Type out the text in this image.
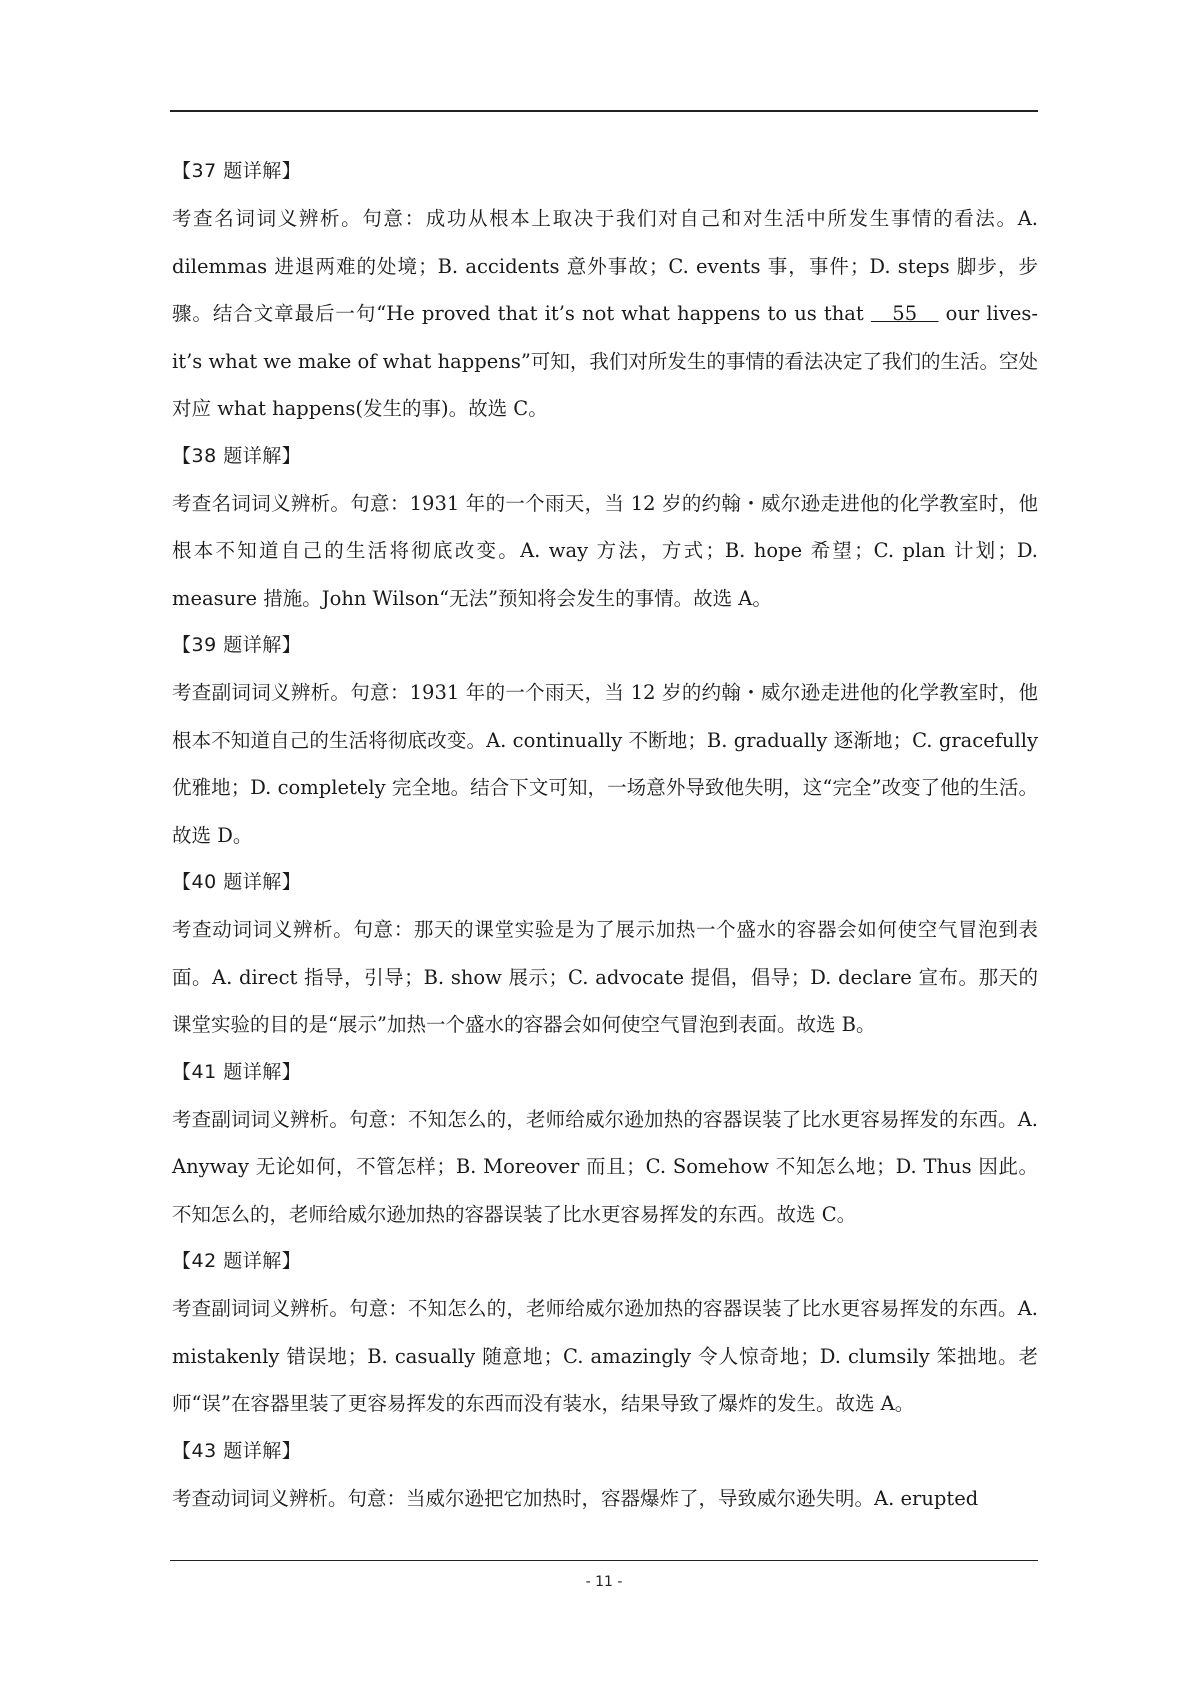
【37 题详解】

考查名词词义辨析。句意：成功从根本上取决于我们对自己和对生活中所发生事情的看法。A. dilemmas 进退两难的处境；B. accidents 意外事故；C. events 事，事件；D. steps 脚步，步骤。结合文章最后一句“He proved that it’s not what happens to us that    55    our lives-it’s what we make of what happens”可知，我们对所发生的事情的看法决定了我们的生活。空处对应 what happens(发生的事)。故选 C。

【38 题详解】

考查名词词义辨析。句意：1931 年的一个雨天，当 12 岁的约翰・威尔逊走进他的化学教室时，他根本不知道自己的生活将彻底改变。A. way 方法，方式；B. hope 希望；C. plan 计划；D. measure 措施。John Wilson“无法”预知将会发生的事情。故选 A。

【39 题详解】

考查副词词义辨析。句意：1931 年的一个雨天，当 12 岁的约翰・威尔逊走进他的化学教室时，他根本不知道自己的生活将彻底改变。A. continually 不断地；B. gradually 逐渐地；C. gracefully 优雅地；D. completely 完全地。结合下文可知，一场意外导致他失明，这“完全”改变了他的生活。故选 D。

【40 题详解】

考查动词词义辨析。句意：那天的课堂实验是为了展示加热一个盛水的容器会如何使空气冒泡到表面。A. direct 指导，引导；B. show 展示；C. advocate 提倡，倡导；D. declare 宣布。那天的课堂实验的目的是“展示”加热一个盛水的容器会如何使空气冒泡到表面。故选 B。

【41 题详解】

考查副词词义辨析。句意：不知怎么的，老师给威尔逊加热的容器误装了比水更容易挥发的东西。A. Anyway 无论如何，不管怎样；B. Moreover 而且；C. Somehow 不知怎么地；D. Thus 因此。不知怎么的，老师给威尔逊加热的容器误装了比水更容易挥发的东西。故选 C。

【42 题详解】

考查副词词义辨析。句意：不知怎么的，老师给威尔逊加热的容器误装了比水更容易挥发的东西。A. mistakenly 错误地；B. casually 随意地；C. amazingly 令人惊奇地；D. clumsily 笨拙地。老师“误”在容器里装了更容易挥发的东西而没有装水，结果导致了爆炸的发生。故选 A。

【43 题详解】

考查动词词义辨析。句意：当威尔逊把它加热时，容器爆炸了，导致威尔逊失明。A. erupted

- 11 -
